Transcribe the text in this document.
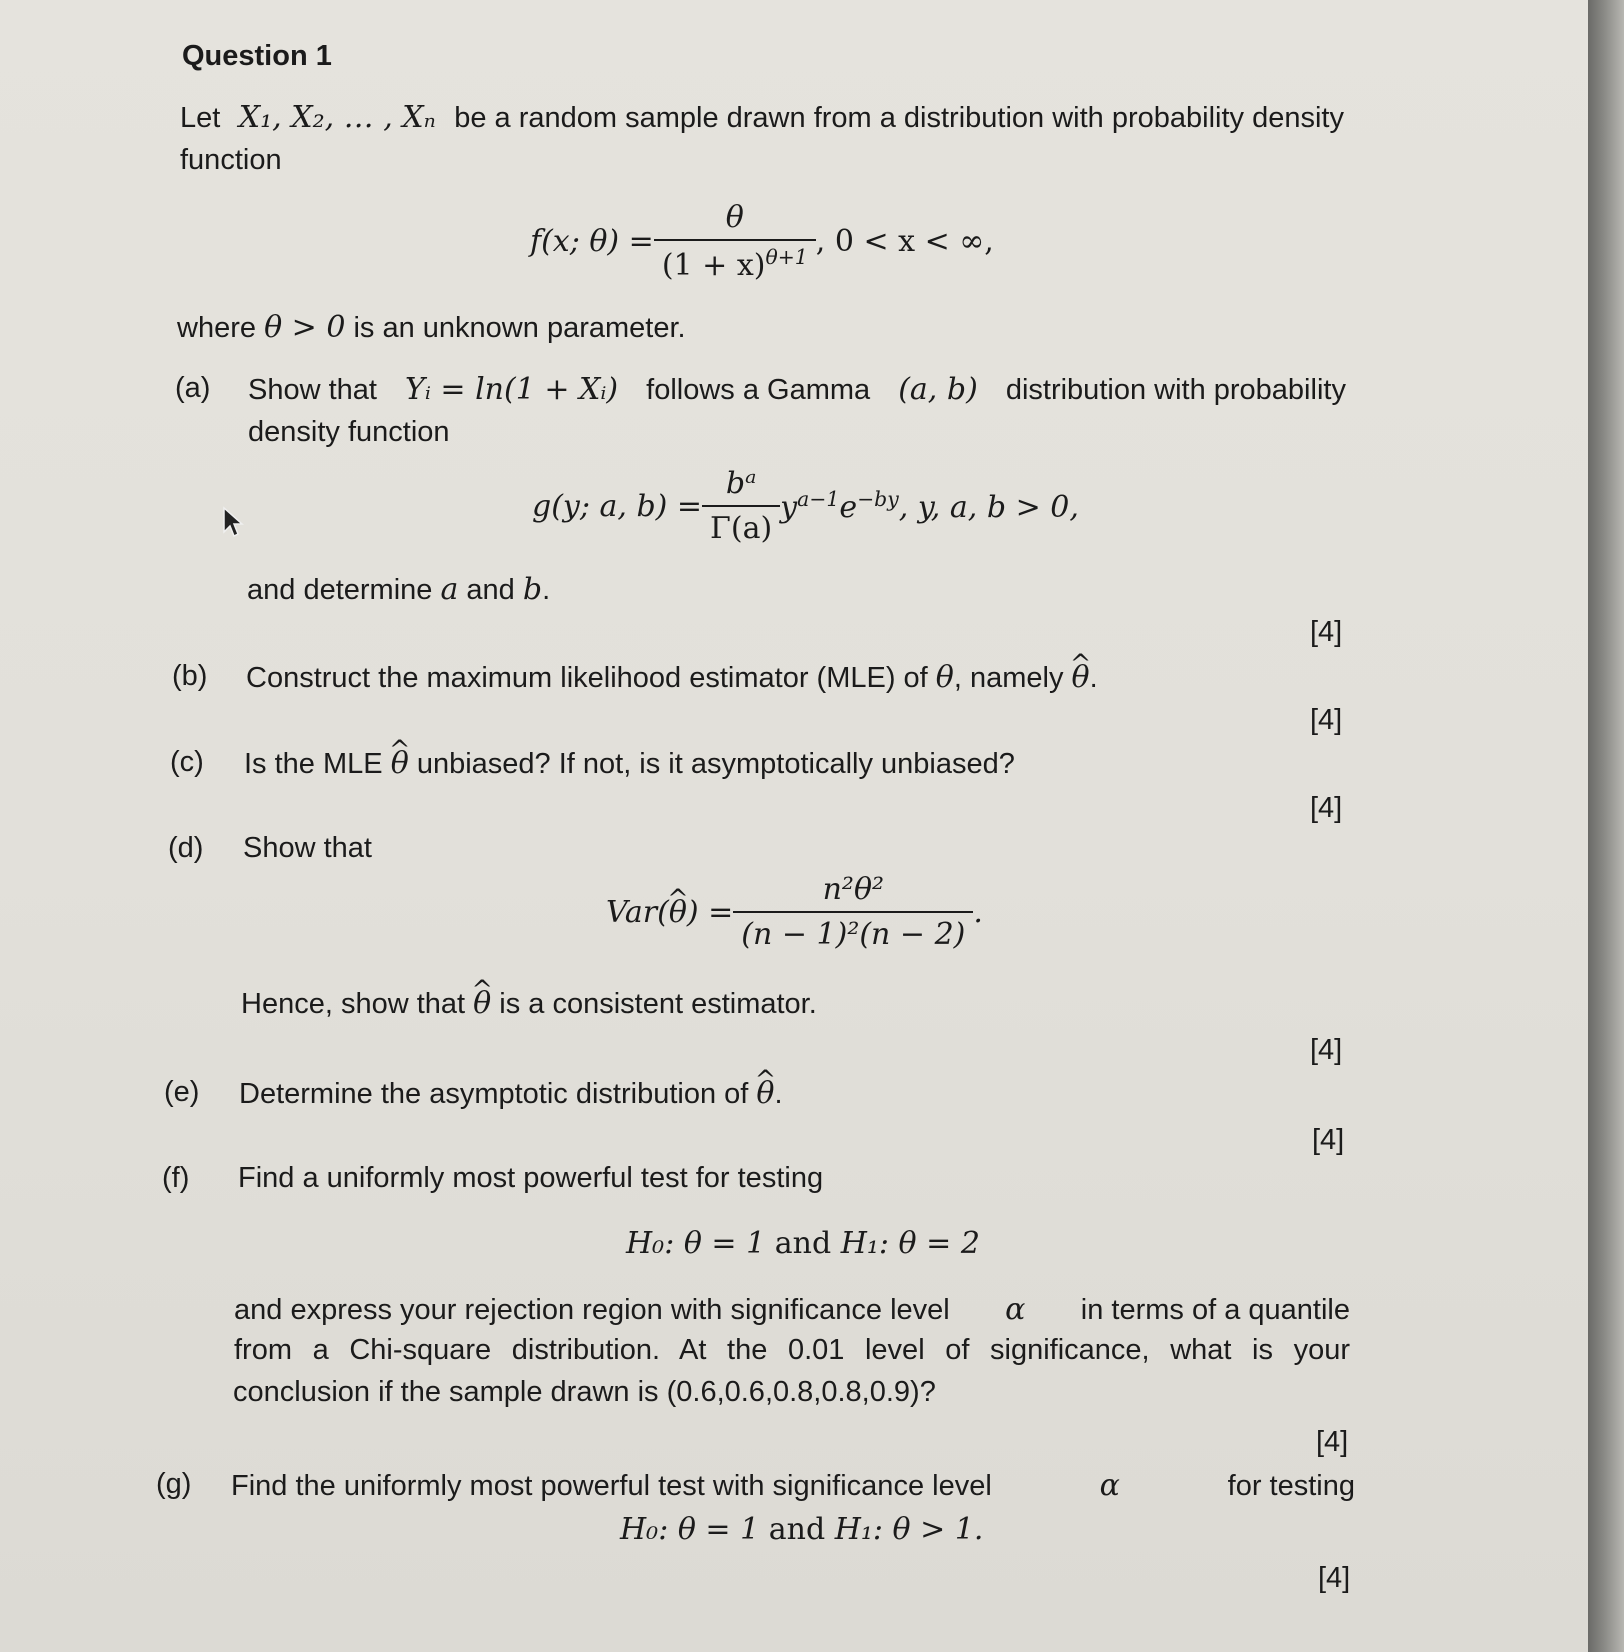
Question 1
Let X₁, X₂, … , Xₙ be a random sample drawn from a distribution with probability density
function
f(x; $\theta) = \frac{\theta}{(1 + x)^{\theta+1}}$ , 0 < x < ∞,
where θ > 0 is an unknown parameter.
(a) Show that Yᵢ = ln(1 + Xᵢ) follows a Gamma (a, b) distribution with probability
density function
g(y; a, $b) = \frac{\text{bᵃ}}{\Gamma(a)} y^{a-1}e^{-by}$, y, a, b > 0,
and determine a and b.
[4]
(b) Construct the maximum likelihood estimator (MLE) of θ, namely ^ θ.
[4]
(c) Is the MLE ^ θ unbiased? If not, is it asymptotically unbiased?
[4]
(d) Show that
Var(^ $\theta) = \frac{\text{n²θ²}}{\text{(n − 1)²(n − 2)}}$ .
Hence, show that ^ θ is a consistent estimator.
[4]
(e) Determine the asymptotic distribution of ^ θ.
[4]
(f) Find a uniformly most powerful test for testing
H₀: θ = 1 and H₁: θ = 2
and express your rejection region with significance level α in terms of a quantile
from a Chi-square distribution. At the 0.01 level of significance, what is your
conclusion if the sample drawn is (0.6,0.6,0.8,0.8,0.9)?
[4]
(g) Find the uniformly most powerful test with significance level	α	for testing
H₀: θ = 1 and H₁: θ > 1.
[4]
